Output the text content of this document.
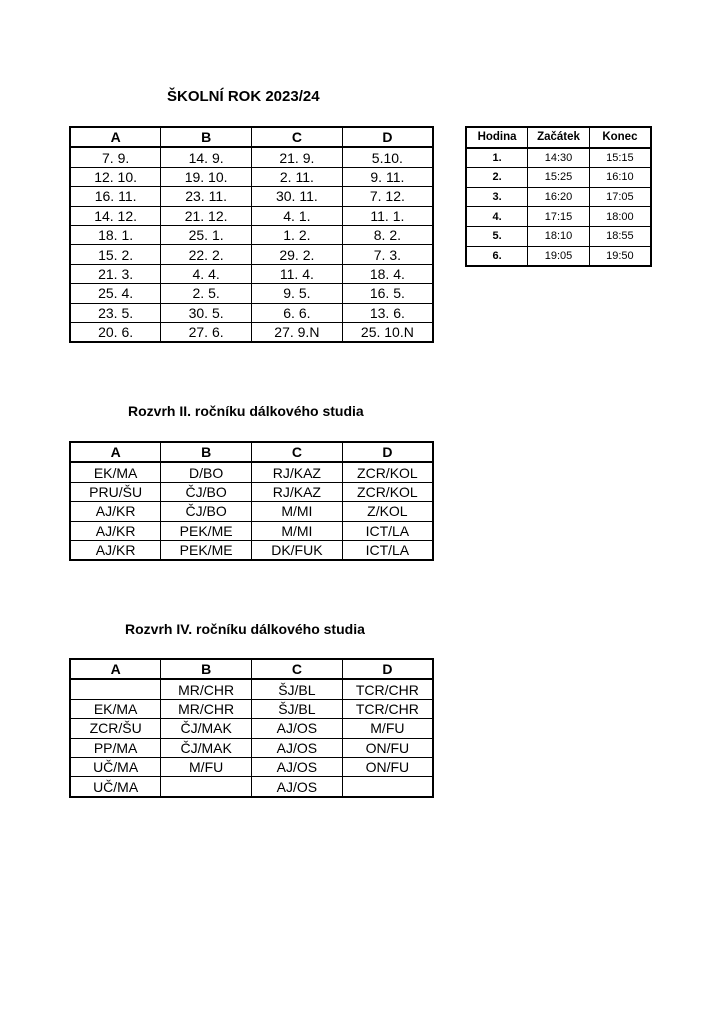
ŠKOLNÍ ROK 2023/24
A	B	C	D
7. 9.	14. 9.	21. 9.	5.10.
12. 10.	19. 10.	2. 11.	9. 11.
16. 11.	23. 11.	30. 11.	7. 12.
14. 12.	21. 12.	4. 1.	11. 1.
18. 1.	25. 1.	1. 2.	8. 2.
15. 2.	22. 2.	29. 2.	7. 3.
21. 3.	4. 4.	11. 4.	18. 4.
25. 4.	2. 5.	9. 5.	16. 5.
23. 5.	30. 5.	6. 6.	13. 6.
20. 6.	27. 6.	27. 9.N	25. 10.N
Hodina	Začátek	Konec
1.	14:30	15:15
2.	15:25	16:10
3.	16:20	17:05
4.	17:15	18:00
5.	18:10	18:55
6.	19:05	19:50
Rozvrh II. ročníku dálkového studia
A	B	C	D
EK/MA	D/BO	RJ/KAZ	ZCR/KOL
PRU/ŠU	ČJ/BO	RJ/KAZ	ZCR/KOL
AJ/KR	ČJ/BO	M/MI	Z/KOL
AJ/KR	PEK/ME	M/MI	ICT/LA
AJ/KR	PEK/ME	DK/FUK	ICT/LA
Rozvrh IV. ročníku dálkového studia
A	B	C	D
	MR/CHR	ŠJ/BL	TCR/CHR
EK/MA	MR/CHR	ŠJ/BL	TCR/CHR
ZCR/ŠU	ČJ/MAK	AJ/OS	M/FU
PP/MA	ČJ/MAK	AJ/OS	ON/FU
UČ/MA	M/FU	AJ/OS	ON/FU
UČ/MA		AJ/OS	
